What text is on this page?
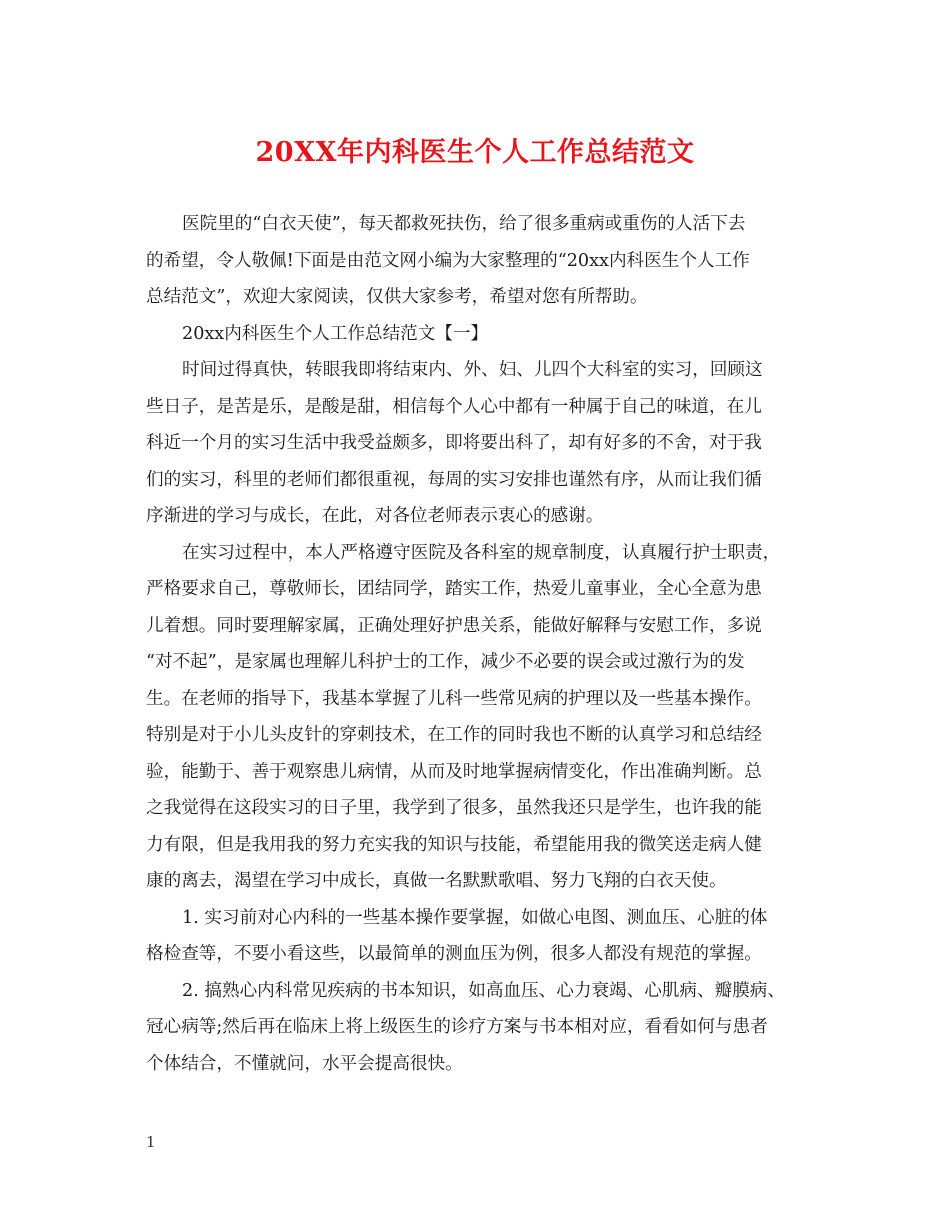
20XX年内科医生个人工作总结范文
医院里的“白衣天使”，每天都救死扶伤，给了很多重病或重伤的人活下去
的希望，令人敬佩!下面是由范文网小编为大家整理的“20xx内科医生个人工作
总结范文”，欢迎大家阅读，仅供大家参考，希望对您有所帮助。
20xx内科医生个人工作总结范文【一】
时间过得真快，转眼我即将结束内、外、妇、儿四个大科室的实习，回顾这
些日子，是苦是乐，是酸是甜，相信每个人心中都有一种属于自己的味道，在儿
科近一个月的实习生活中我受益颇多，即将要出科了，却有好多的不舍，对于我
们的实习，科里的老师们都很重视，每周的实习安排也谨然有序，从而让我们循
序渐进的学习与成长，在此，对各位老师表示衷心的感谢。
在实习过程中，本人严格遵守医院及各科室的规章制度，认真履行护士职责，
严格要求自己，尊敬师长，团结同学，踏实工作，热爱儿童事业，全心全意为患
儿着想。同时要理解家属，正确处理好护患关系，能做好解释与安慰工作，多说
“对不起”，是家属也理解儿科护士的工作，减少不必要的误会或过激行为的发
生。在老师的指导下，我基本掌握了儿科一些常见病的护理以及一些基本操作。
特别是对于小儿头皮针的穿刺技术，在工作的同时我也不断的认真学习和总结经
验，能勤于、善于观察患儿病情，从而及时地掌握病情变化，作出准确判断。总
之我觉得在这段实习的日子里，我学到了很多，虽然我还只是学生，也许我的能
力有限，但是我用我的努力充实我的知识与技能，希望能用我的微笑送走病人健
康的离去，渴望在学习中成长，真做一名默默歌唱、努力飞翔的白衣天使。
1. 实习前对心内科的一些基本操作要掌握，如做心电图、测血压、心脏的体
格检查等，不要小看这些，以最简单的测血压为例，很多人都没有规范的掌握。
2. 搞熟心内科常见疾病的书本知识，如高血压、心力衰竭、心肌病、瓣膜病、
冠心病等;然后再在临床上将上级医生的诊疗方案与书本相对应，看看如何与患者
个体结合，不懂就问，水平会提高很快。
1
